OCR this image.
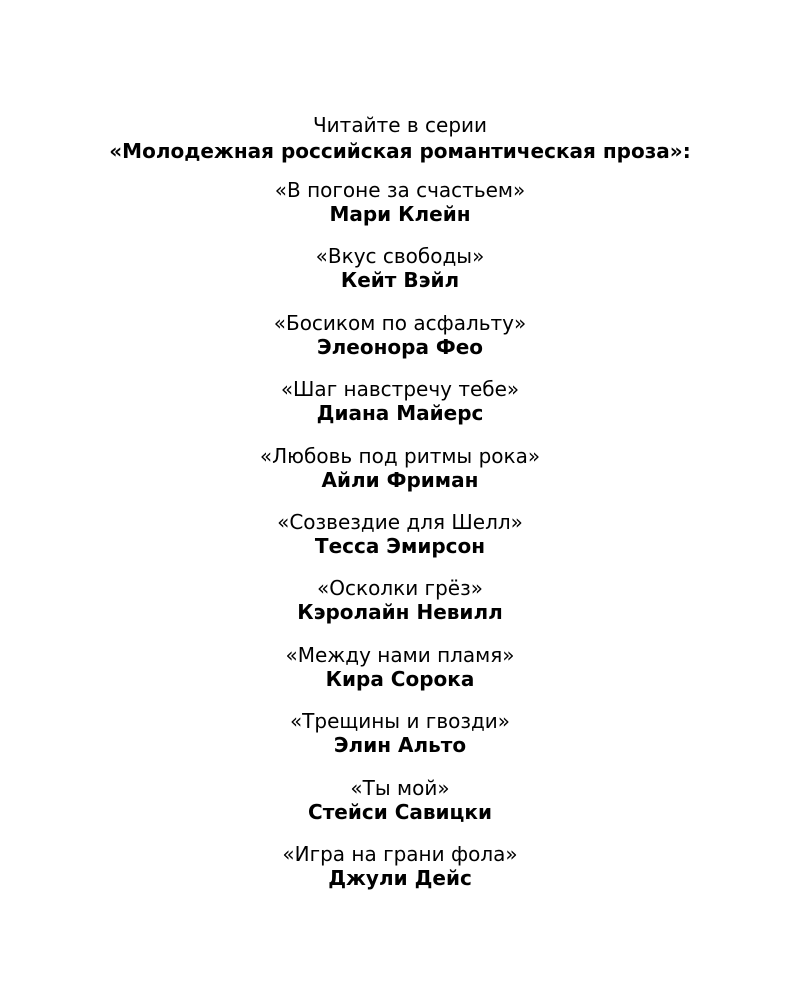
Читайте в серии
«Молодежная российская романтическая проза»:
«В погоне за счастьем»
Мари Клейн
«Вкус свободы»
Кейт Вэйл
«Босиком по асфальту»
Элеонора Фео
«Шаг навстречу тебе»
Диана Майерс
«Любовь под ритмы рока»
Айли Фриман
«Созвездие для Шелл»
Тесса Эмирсон
«Осколки грёз»
Кэролайн Невилл
«Между нами пламя»
Кира Сорока
«Трещины и гвозди»
Элин Альто
«Ты мой»
Стейси Савицки
«Игра на грани фола»
Джули Дейс
